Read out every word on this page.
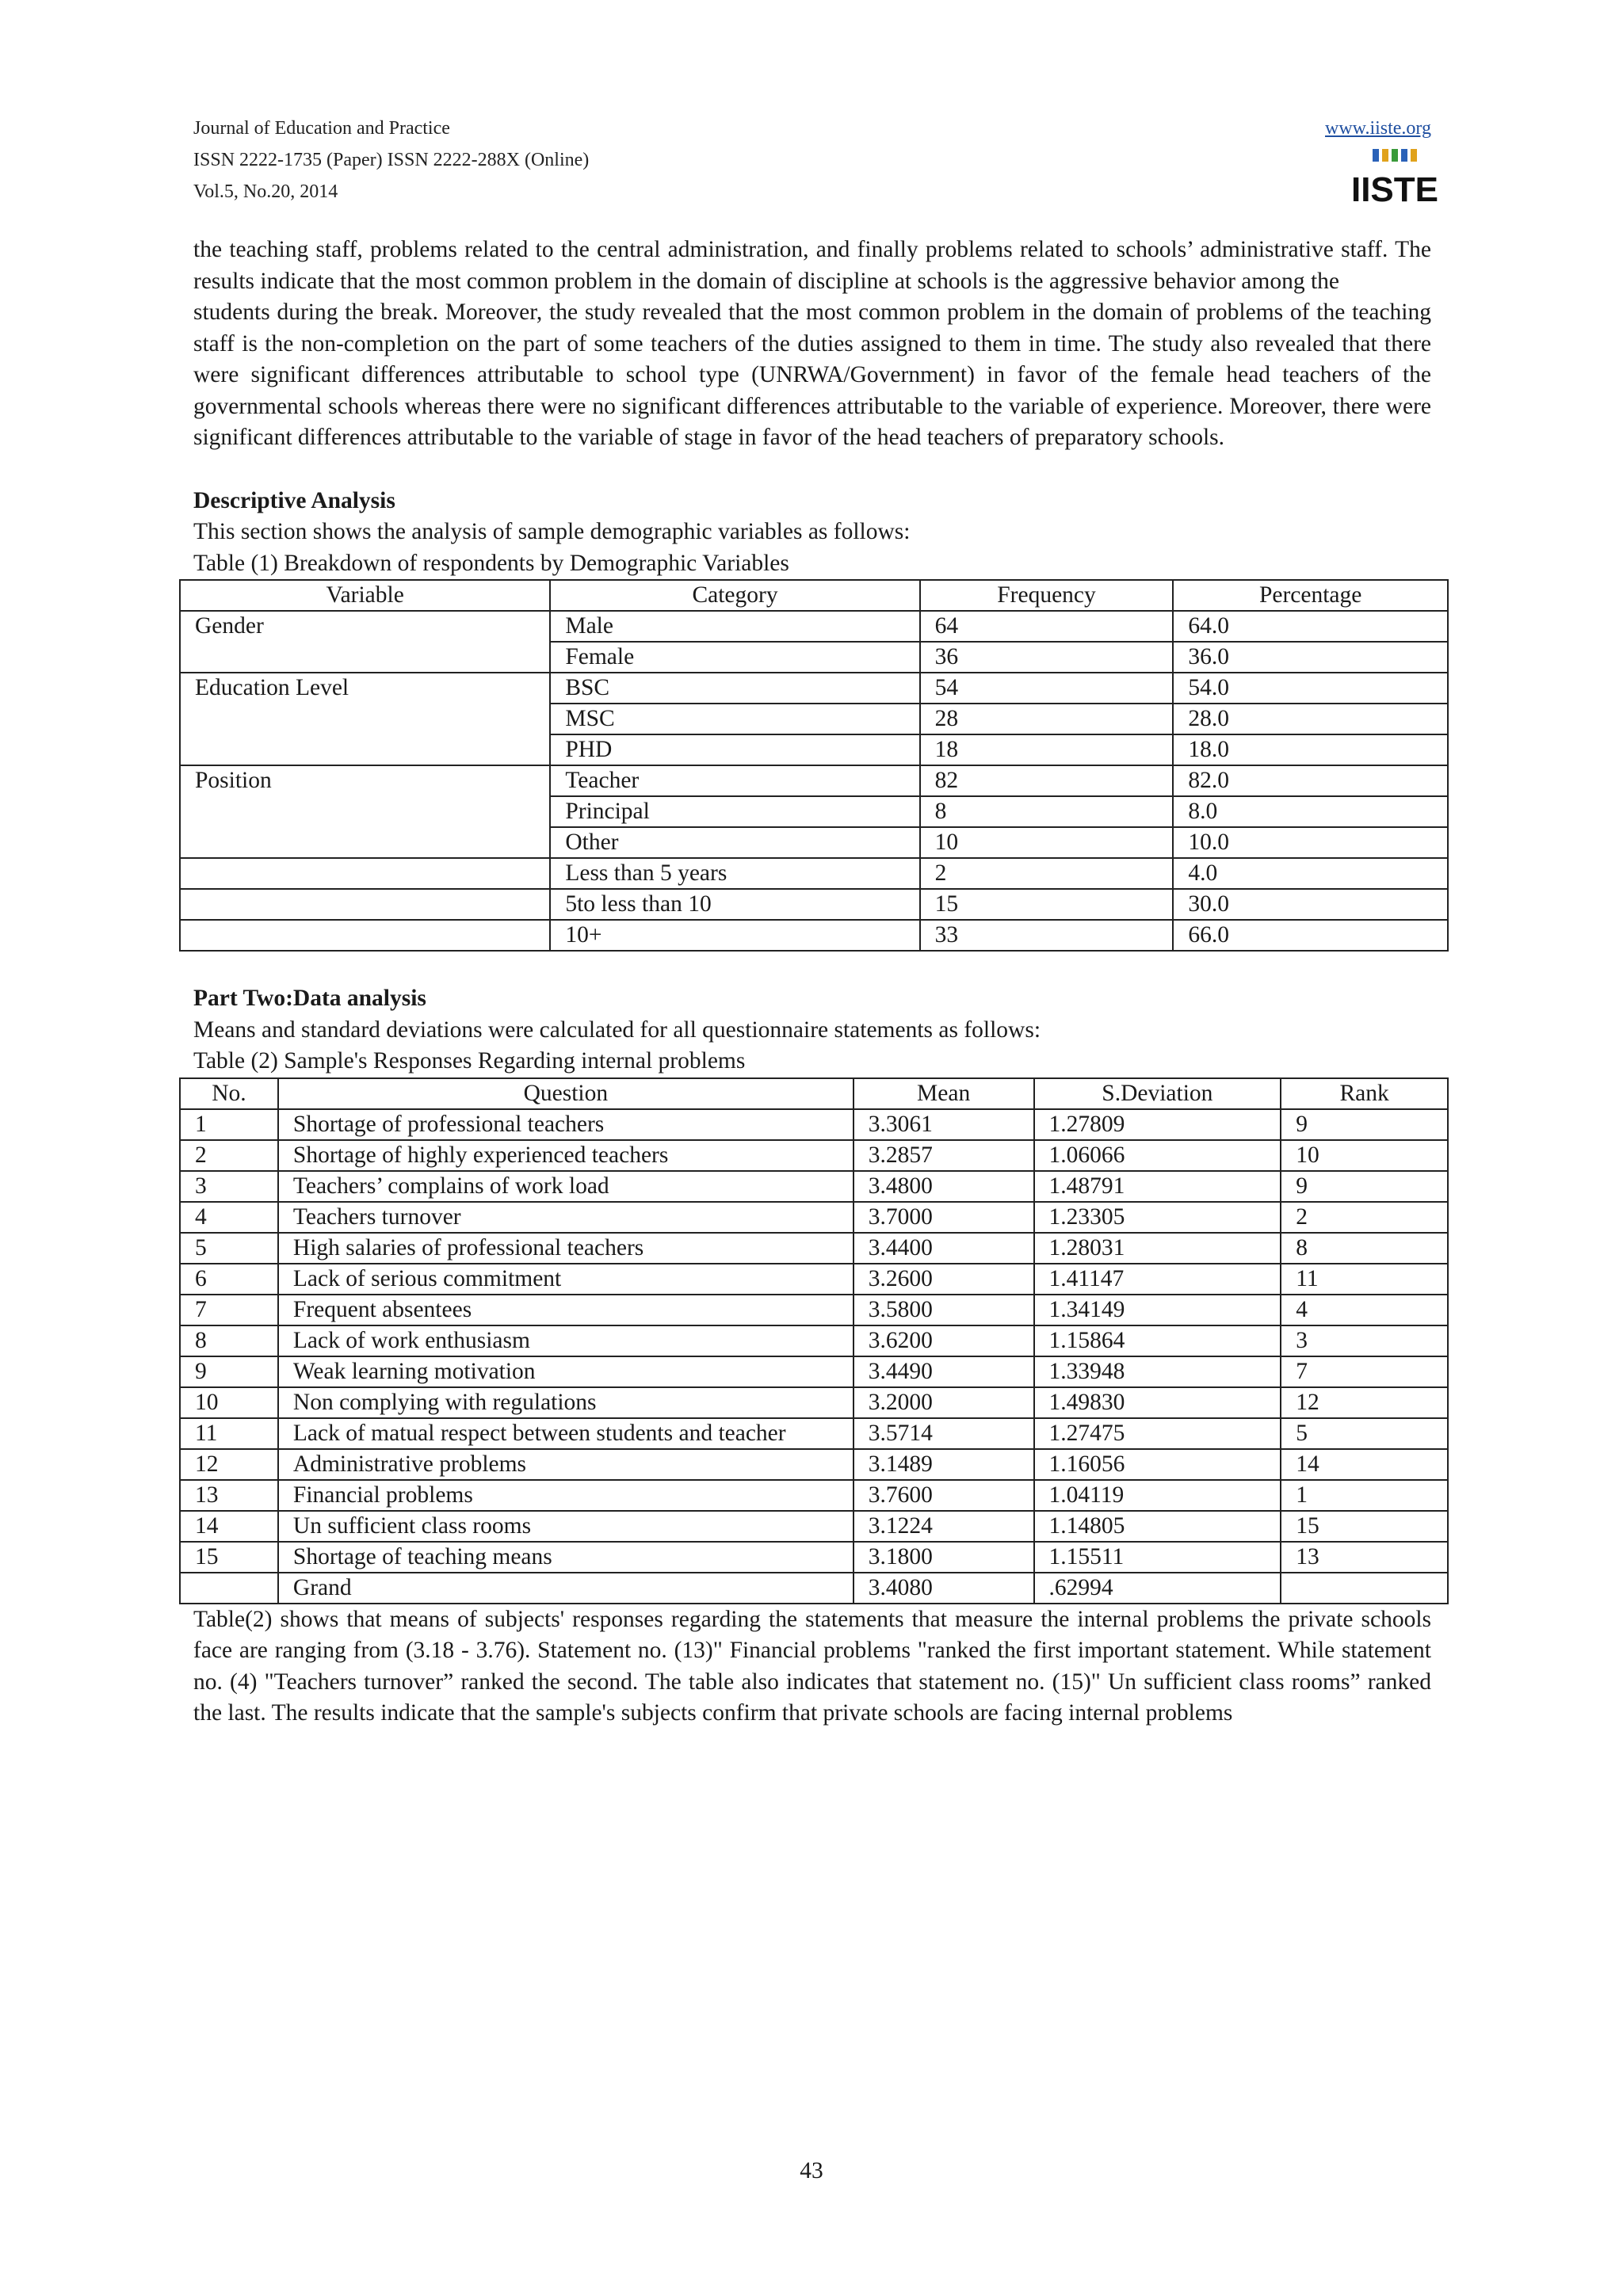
Journal of Education and Practice
ISSN 2222-1735 (Paper) ISSN 2222-288X (Online)
Vol.5, No.20, 2014
www.iiste.org
IISTE

the teaching staff, problems related to the central administration, and finally problems related to schools’ administrative staff. The results indicate that the most common problem in the domain of discipline at schools is the aggressive behavior among the

students during the break. Moreover, the study revealed that the most common problem in the domain of problems of the teaching staff is the non-completion on the part of some teachers of the duties assigned to them in time. The study also revealed that there were significant differences attributable to school type (UNRWA/Government) in favor of the female head teachers of the governmental schools whereas there were no significant differences attributable to the variable of experience. Moreover, there were significant differences attributable to the variable of stage in favor of the head teachers of preparatory schools.

Descriptive Analysis

This section shows the analysis of sample demographic variables as follows:

Table (1) Breakdown of respondents by Demographic Variables

Variable	Category	Frequency	Percentage
Gender	Male	64	64.0
	Female	36	36.0
Education Level	BSC	54	54.0
	MSC	28	28.0
	PHD	18	18.0
Position	Teacher	82	82.0
	Principal	8	8.0
	Other	10	10.0
	Less than 5 years	2	4.0
	5to less than 10	15	30.0
	10+	33	66.0

Part Two:Data analysis

Means and standard deviations were calculated for all questionnaire statements as follows:

Table (2) Sample's Responses Regarding internal problems

No.	Question	Mean	S.Deviation	Rank
1	Shortage of professional teachers	3.3061	1.27809	9
2	Shortage of highly experienced teachers	3.2857	1.06066	10
3	Teachers’ complains of work load	3.4800	1.48791	9
4	Teachers turnover	3.7000	1.23305	2
5	High salaries of professional teachers	3.4400	1.28031	8
6	Lack of serious commitment	3.2600	1.41147	11
7	Frequent absentees	3.5800	1.34149	4
8	Lack of work enthusiasm	3.6200	1.15864	3
9	Weak learning motivation	3.4490	1.33948	7
10	Non complying with regulations	3.2000	1.49830	12
11	Lack of matual respect between students and teacher	3.5714	1.27475	5
12	Administrative problems	3.1489	1.16056	14
13	Financial problems	3.7600	1.04119	1
14	Un sufficient class rooms	3.1224	1.14805	15
15	Shortage of teaching means	3.1800	1.15511	13
	Grand	3.4080	.62994	

Table(2) shows that means of subjects' responses regarding the statements that measure the internal problems the private schools face are ranging from (3.18 - 3.76). Statement no. (13)" Financial problems "ranked the first important statement. While statement no. (4) "Teachers turnover” ranked the second. The table also indicates that statement no. (15)" Un sufficient class rooms” ranked the last. The results indicate that the sample's subjects confirm that private schools are facing internal problems

43
